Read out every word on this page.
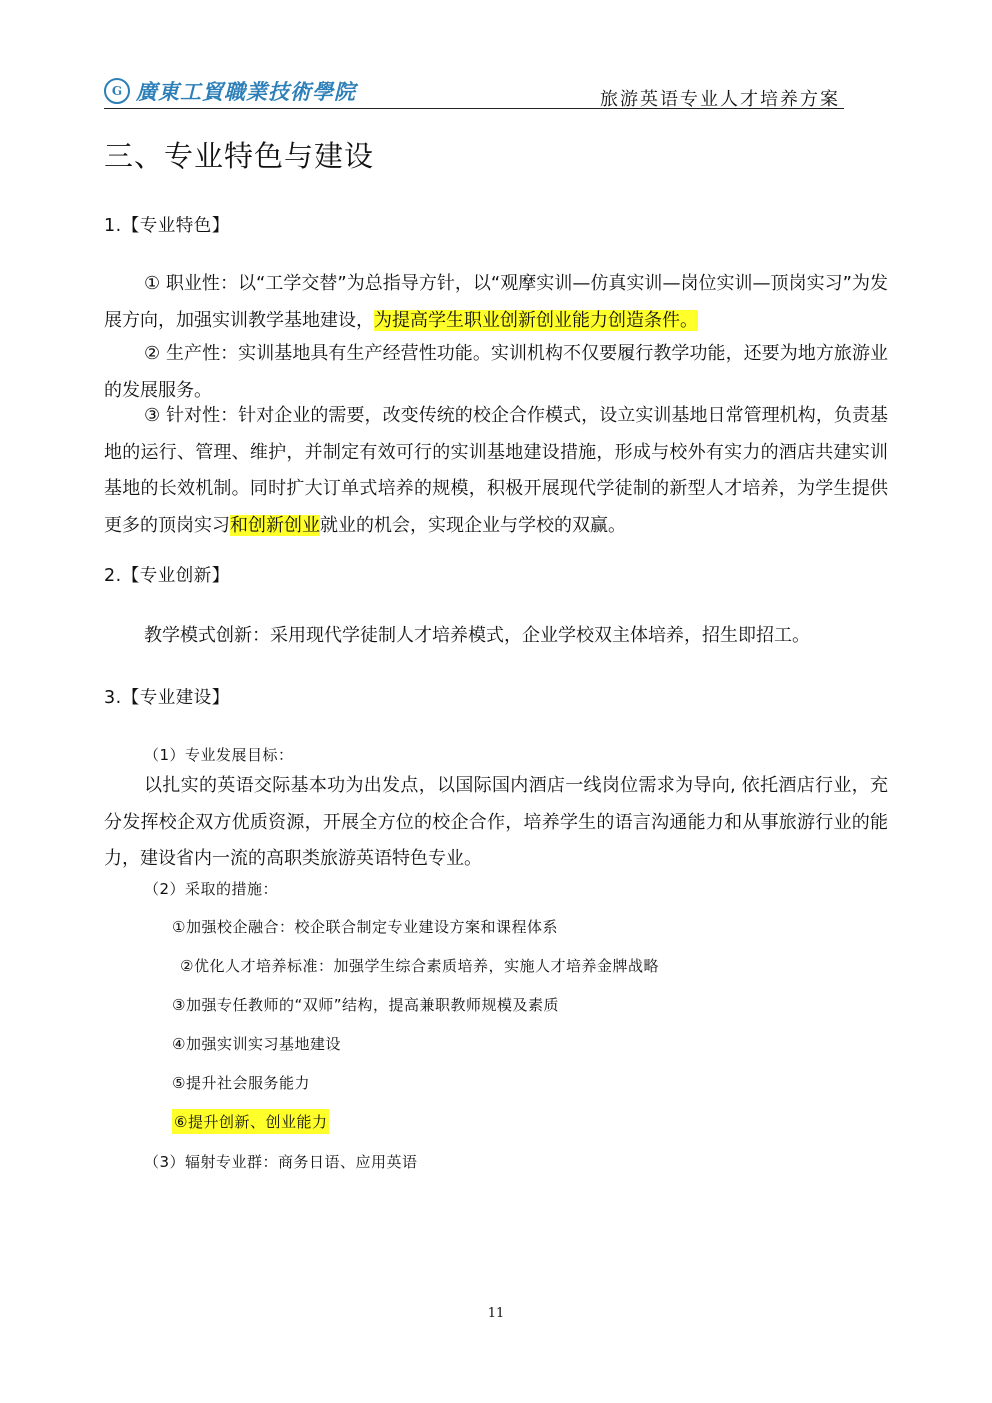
G 廣東工貿職業技術學院	旅游英语专业人才培养方案
三、专业特色与建设
1.【专业特色】
① 职业性：以“工学交替”为总指导方针，以“观摩实训—仿真实训—岗位实训—顶岗实习”为发展方向，加强实训教学基地建设，为提高学生职业创新创业能力创造条件。
② 生产性：实训基地具有生产经营性功能。实训机构不仅要履行教学功能，还要为地方旅游业的发展服务。
③ 针对性：针对企业的需要，改变传统的校企合作模式，设立实训基地日常管理机构，负责基地的运行、管理、维护，并制定有效可行的实训基地建设措施，形成与校外有实力的酒店共建实训基地的长效机制。同时扩大订单式培养的规模，积极开展现代学徒制的新型人才培养，为学生提供更多的顶岗实习和创新创业就业的机会，实现企业与学校的双赢。
2.【专业创新】
教学模式创新：采用现代学徒制人才培养模式，企业学校双主体培养，招生即招工。
3.【专业建设】
（1）专业发展目标：
以扎实的英语交际基本功为出发点，以国际国内酒店一线岗位需求为导向, 依托酒店行业，充分发挥校企双方优质资源，开展全方位的校企合作，培养学生的语言沟通能力和从事旅游行业的能力，建设省内一流的高职类旅游英语特色专业。
（2）采取的措施：
①加强校企融合：校企联合制定专业建设方案和课程体系
②优化人才培养标准：加强学生综合素质培养，实施人才培养金牌战略
③加强专任教师的“双师”结构，提高兼职教师规模及素质
④加强实训实习基地建设
⑤提升社会服务能力
⑥提升创新、创业能力
（3）辐射专业群：商务日语、应用英语
11
